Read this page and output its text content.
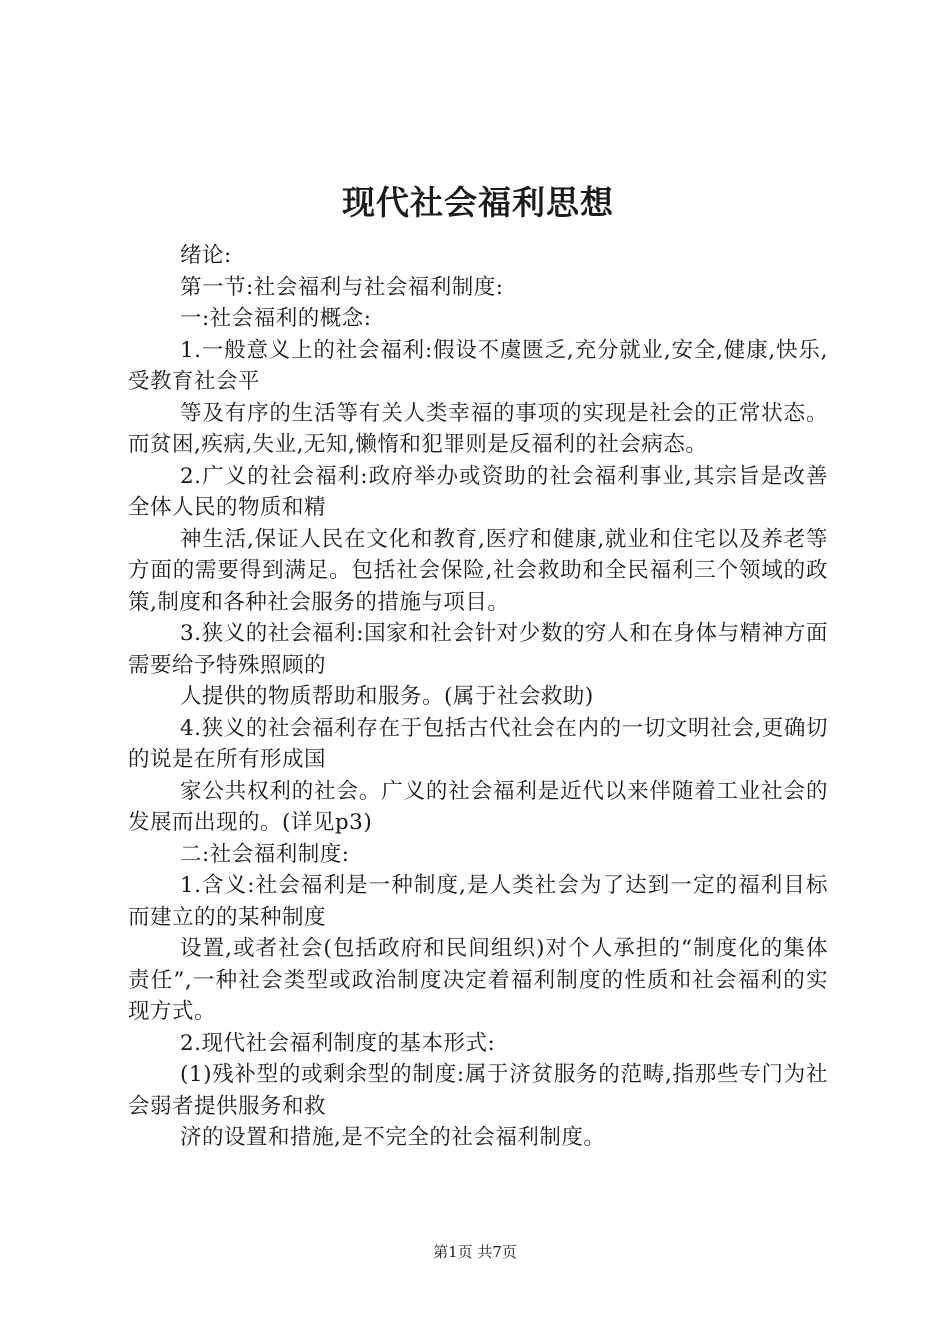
现代社会福利思想

绪论:

第一节:社会福利与社会福利制度:

一:社会福利的概念:

1.一般意义上的社会福利:假设不虞匮乏,充分就业,安全,健康,快乐,受教育社会平

等及有序的生活等有关人类幸福的事项的实现是社会的正常状态。而贫困,疾病,失业,无知,懒惰和犯罪则是反福利的社会病态。

2.广义的社会福利:政府举办或资助的社会福利事业,其宗旨是改善全体人民的物质和精

神生活,保证人民在文化和教育,医疗和健康,就业和住宅以及养老等方面的需要得到满足。包括社会保险,社会救助和全民福利三个领域的政策,制度和各种社会服务的措施与项目。

3.狭义的社会福利:国家和社会针对少数的穷人和在身体与精神方面需要给予特殊照顾的

人提供的物质帮助和服务。(属于社会救助)

4.狭义的社会福利存在于包括古代社会在内的一切文明社会,更确切的说是在所有形成国

家公共权利的社会。广义的社会福利是近代以来伴随着工业社会的发展而出现的。(详见p3)

二:社会福利制度:

1.含义:社会福利是一种制度,是人类社会为了达到一定的福利目标而建立的的某种制度

设置,或者社会(包括政府和民间组织)对个人承担的“制度化的集体责任”,一种社会类型或政治制度决定着福利制度的性质和社会福利的实现方式。

2.现代社会福利制度的基本形式:

(1)残补型的或剩余型的制度:属于济贫服务的范畴,指那些专门为社会弱者提供服务和救

济的设置和措施,是不完全的社会福利制度。

第1页 共7页
